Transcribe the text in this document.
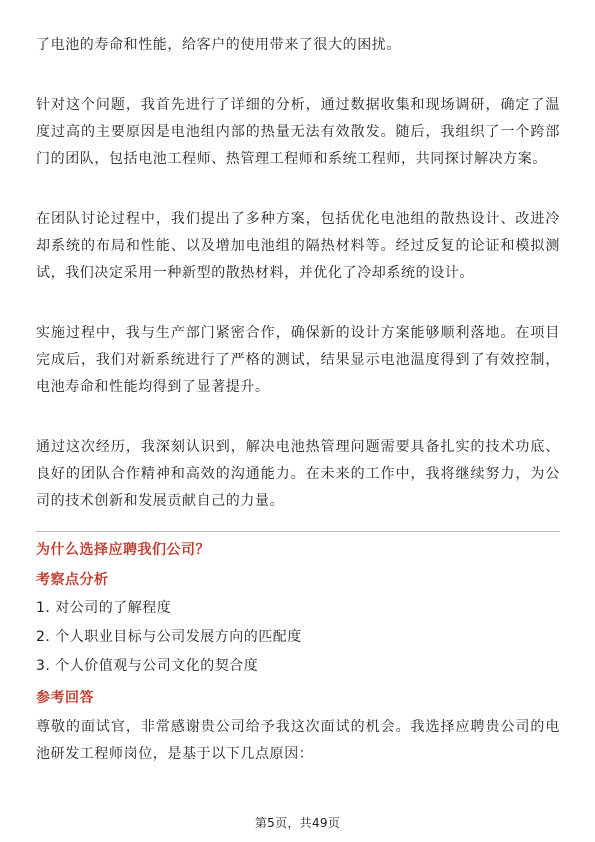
了电池的寿命和性能，给客户的使用带来了很大的困扰。

针对这个问题，我首先进行了详细的分析，通过数据收集和现场调研，确定了温度过高的主要原因是电池组内部的热量无法有效散发。随后，我组织了一个跨部门的团队，包括电池工程师、热管理工程师和系统工程师，共同探讨解决方案。

在团队讨论过程中，我们提出了多种方案，包括优化电池组的散热设计、改进冷却系统的布局和性能、以及增加电池组的隔热材料等。经过反复的论证和模拟测试，我们决定采用一种新型的散热材料，并优化了冷却系统的设计。

实施过程中，我与生产部门紧密合作，确保新的设计方案能够顺利落地。在项目完成后，我们对新系统进行了严格的测试，结果显示电池温度得到了有效控制，电池寿命和性能均得到了显著提升。

通过这次经历，我深刻认识到，解决电池热管理问题需要具备扎实的技术功底、良好的团队合作精神和高效的沟通能力。在未来的工作中，我将继续努力，为公司的技术创新和发展贡献自己的力量。

为什么选择应聘我们公司？
考察点分析
1. 对公司的了解程度
2. 个人职业目标与公司发展方向的匹配度
3. 个人价值观与公司文化的契合度
参考回答

尊敬的面试官，非常感谢贵公司给予我这次面试的机会。我选择应聘贵公司的电池研发工程师岗位，是基于以下几点原因：

第5页，共49页
